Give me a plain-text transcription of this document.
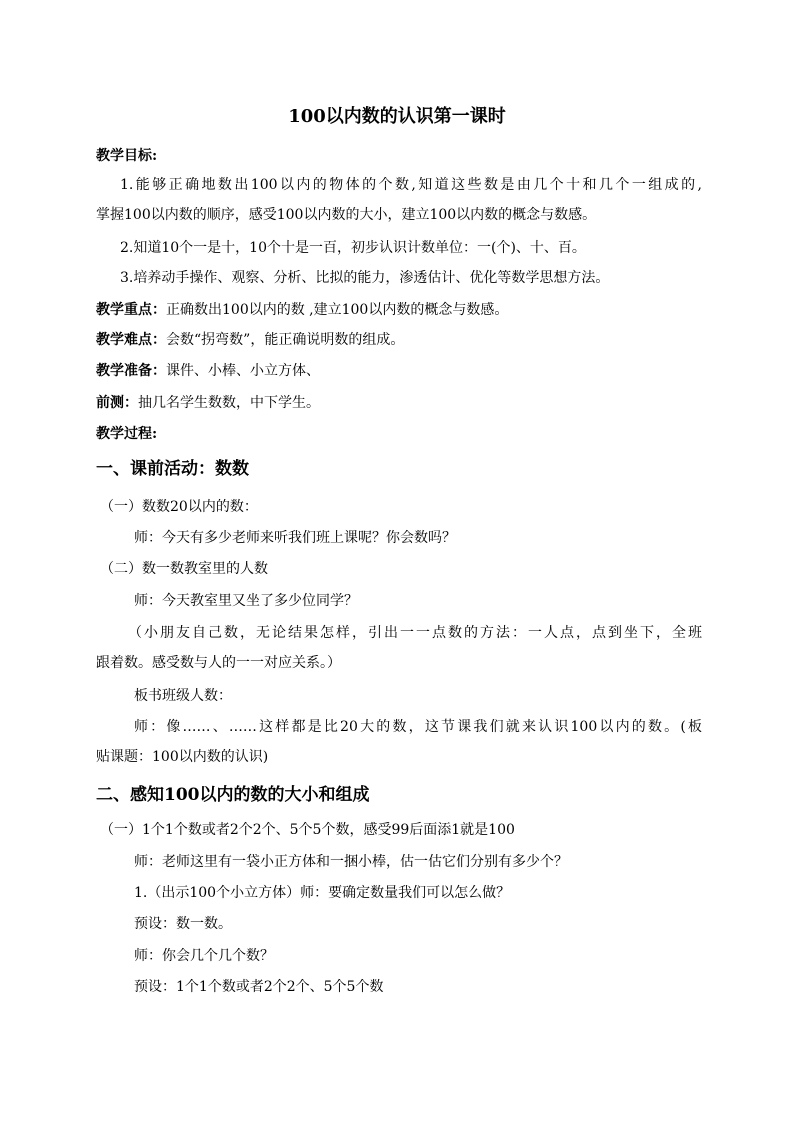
100以内数的认识第一课时
教学目标:
1.能够正确地数出100以内的物体的个数,知道这些数是由几个十和几个一组成的,
掌握100以内数的顺序，感受100以内数的大小，建立100以内数的概念与数感。
2.知道10个一是十，10个十是一百，初步认识计数单位：一(个)、十、百。
3.培养动手操作、观察、分析、比拟的能力，渗透估计、优化等数学思想方法。
教学重点：正确数出100以内的数 ,建立100以内数的概念与数感。
教学难点：会数“拐弯数”，能正确说明数的组成。
教学准备：课件、小棒、小立方体、
前测：抽几名学生数数，中下学生。
教学过程:
一、课前活动：数数
（一）数数20以内的数：
师：今天有多少老师来听我们班上课呢？你会数吗？
（二）数一数教室里的人数
师：今天教室里又坐了多少位同学？
（小朋友自己数，无论结果怎样，引出一一点数的方法：一人点，点到坐下，全班
跟着数。感受数与人的一一对应关系。）
板书班级人数：
师：像……、……这样都是比20大的数，这节课我们就来认识100以内的数。(板
贴课题：100以内数的认识)
二、感知100以内的数的大小和组成
（一）1个1个数或者2个2个、5个5个数，感受99后面添1就是100
师：老师这里有一袋小正方体和一捆小棒，估一估它们分别有多少个？
1.（出示100个小立方体）师：要确定数量我们可以怎么做？
预设：数一数。
师：你会几个几个数？
预设：1个1个数或者2个2个、5个5个数
